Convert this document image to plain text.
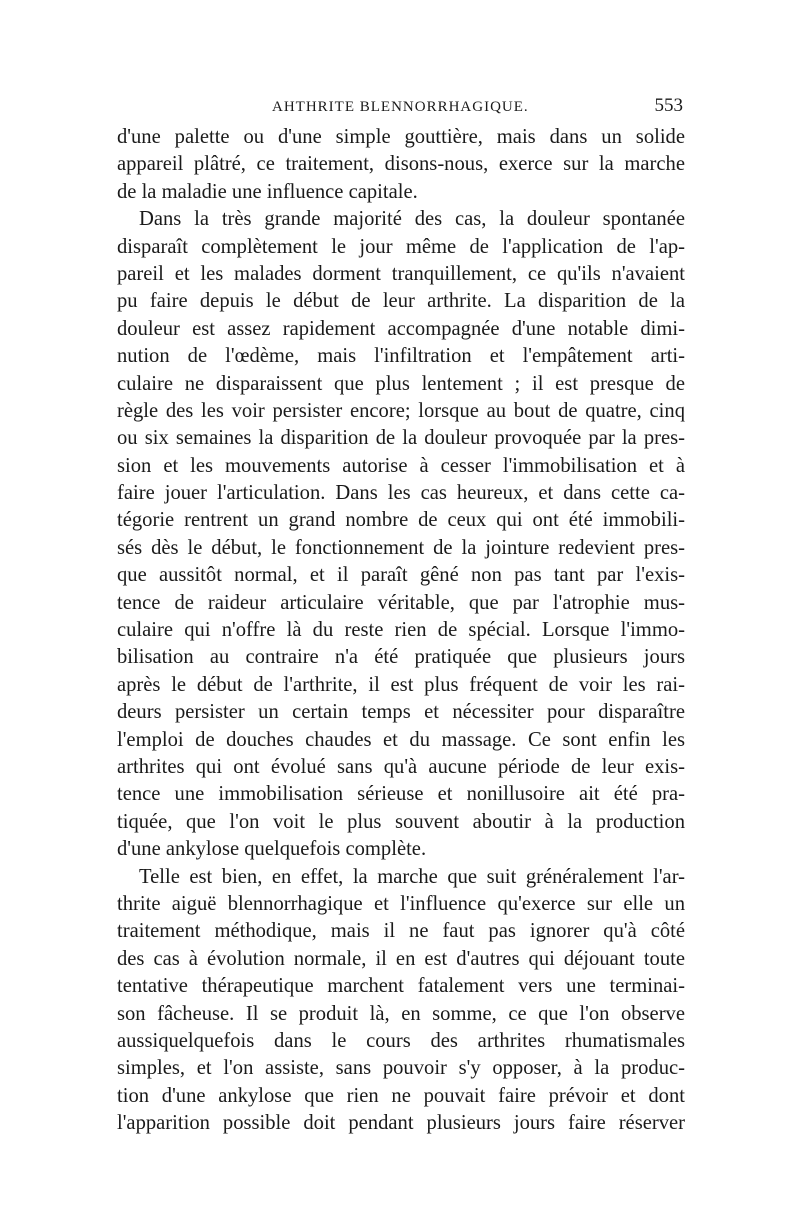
AHTHRITE BLENNORRHAGIQUE.	553
d'une palette ou d'une simple gouttière, mais dans un solide
appareil plâtré, ce traitement, disons-nous, exerce sur la marche
de la maladie une influence capitale.
Dans la très grande majorité des cas, la douleur spontanée
disparaît complètement le jour même de l'application de l'ap-
pareil et les malades dorment tranquillement, ce qu'ils n'avaient
pu faire depuis le début de leur arthrite. La disparition de la
douleur est assez rapidement accompagnée d'une notable dimi-
nution de l'œdème, mais l'infiltration et l'empâtement arti-
culaire ne disparaissent que plus lentement ; il est presque de
règle des les voir persister encore; lorsque au bout de quatre, cinq
ou six semaines la disparition de la douleur provoquée par la pres-
sion et les mouvements autorise à cesser l'immobilisation et à
faire jouer l'articulation. Dans les cas heureux, et dans cette ca-
tégorie rentrent un grand nombre de ceux qui ont été immobili-
sés dès le début, le fonctionnement de la jointure redevient pres-
que aussitôt normal, et il paraît gêné non pas tant par l'exis-
tence de raideur articulaire véritable, que par l'atrophie mus-
culaire qui n'offre là du reste rien de spécial. Lorsque l'immo-
bilisation au contraire n'a été pratiquée que plusieurs jours
après le début de l'arthrite, il est plus fréquent de voir les rai-
deurs persister un certain temps et nécessiter pour disparaître
l'emploi de douches chaudes et du massage. Ce sont enfin les
arthrites qui ont évolué sans qu'à aucune période de leur exis-
tence une immobilisation sérieuse et nonillusoire ait été pra-
tiquée, que l'on voit le plus souvent aboutir à la production
d'une ankylose quelquefois complète.
Telle est bien, en effet, la marche que suit grénéralement l'ar-
thrite aiguë blennorrhagique et l'influence qu'exerce sur elle un
traitement méthodique, mais il ne faut pas ignorer qu'à côté
des cas à évolution normale, il en est d'autres qui déjouant toute
tentative thérapeutique marchent fatalement vers une terminai-
son fâcheuse. Il se produit là, en somme, ce que l'on observe
aussiquelquefois dans le cours des arthrites rhumatismales
simples, et l'on assiste, sans pouvoir s'y opposer, à la produc-
tion d'une ankylose que rien ne pouvait faire prévoir et dont
l'apparition possible doit pendant plusieurs jours faire réserver
